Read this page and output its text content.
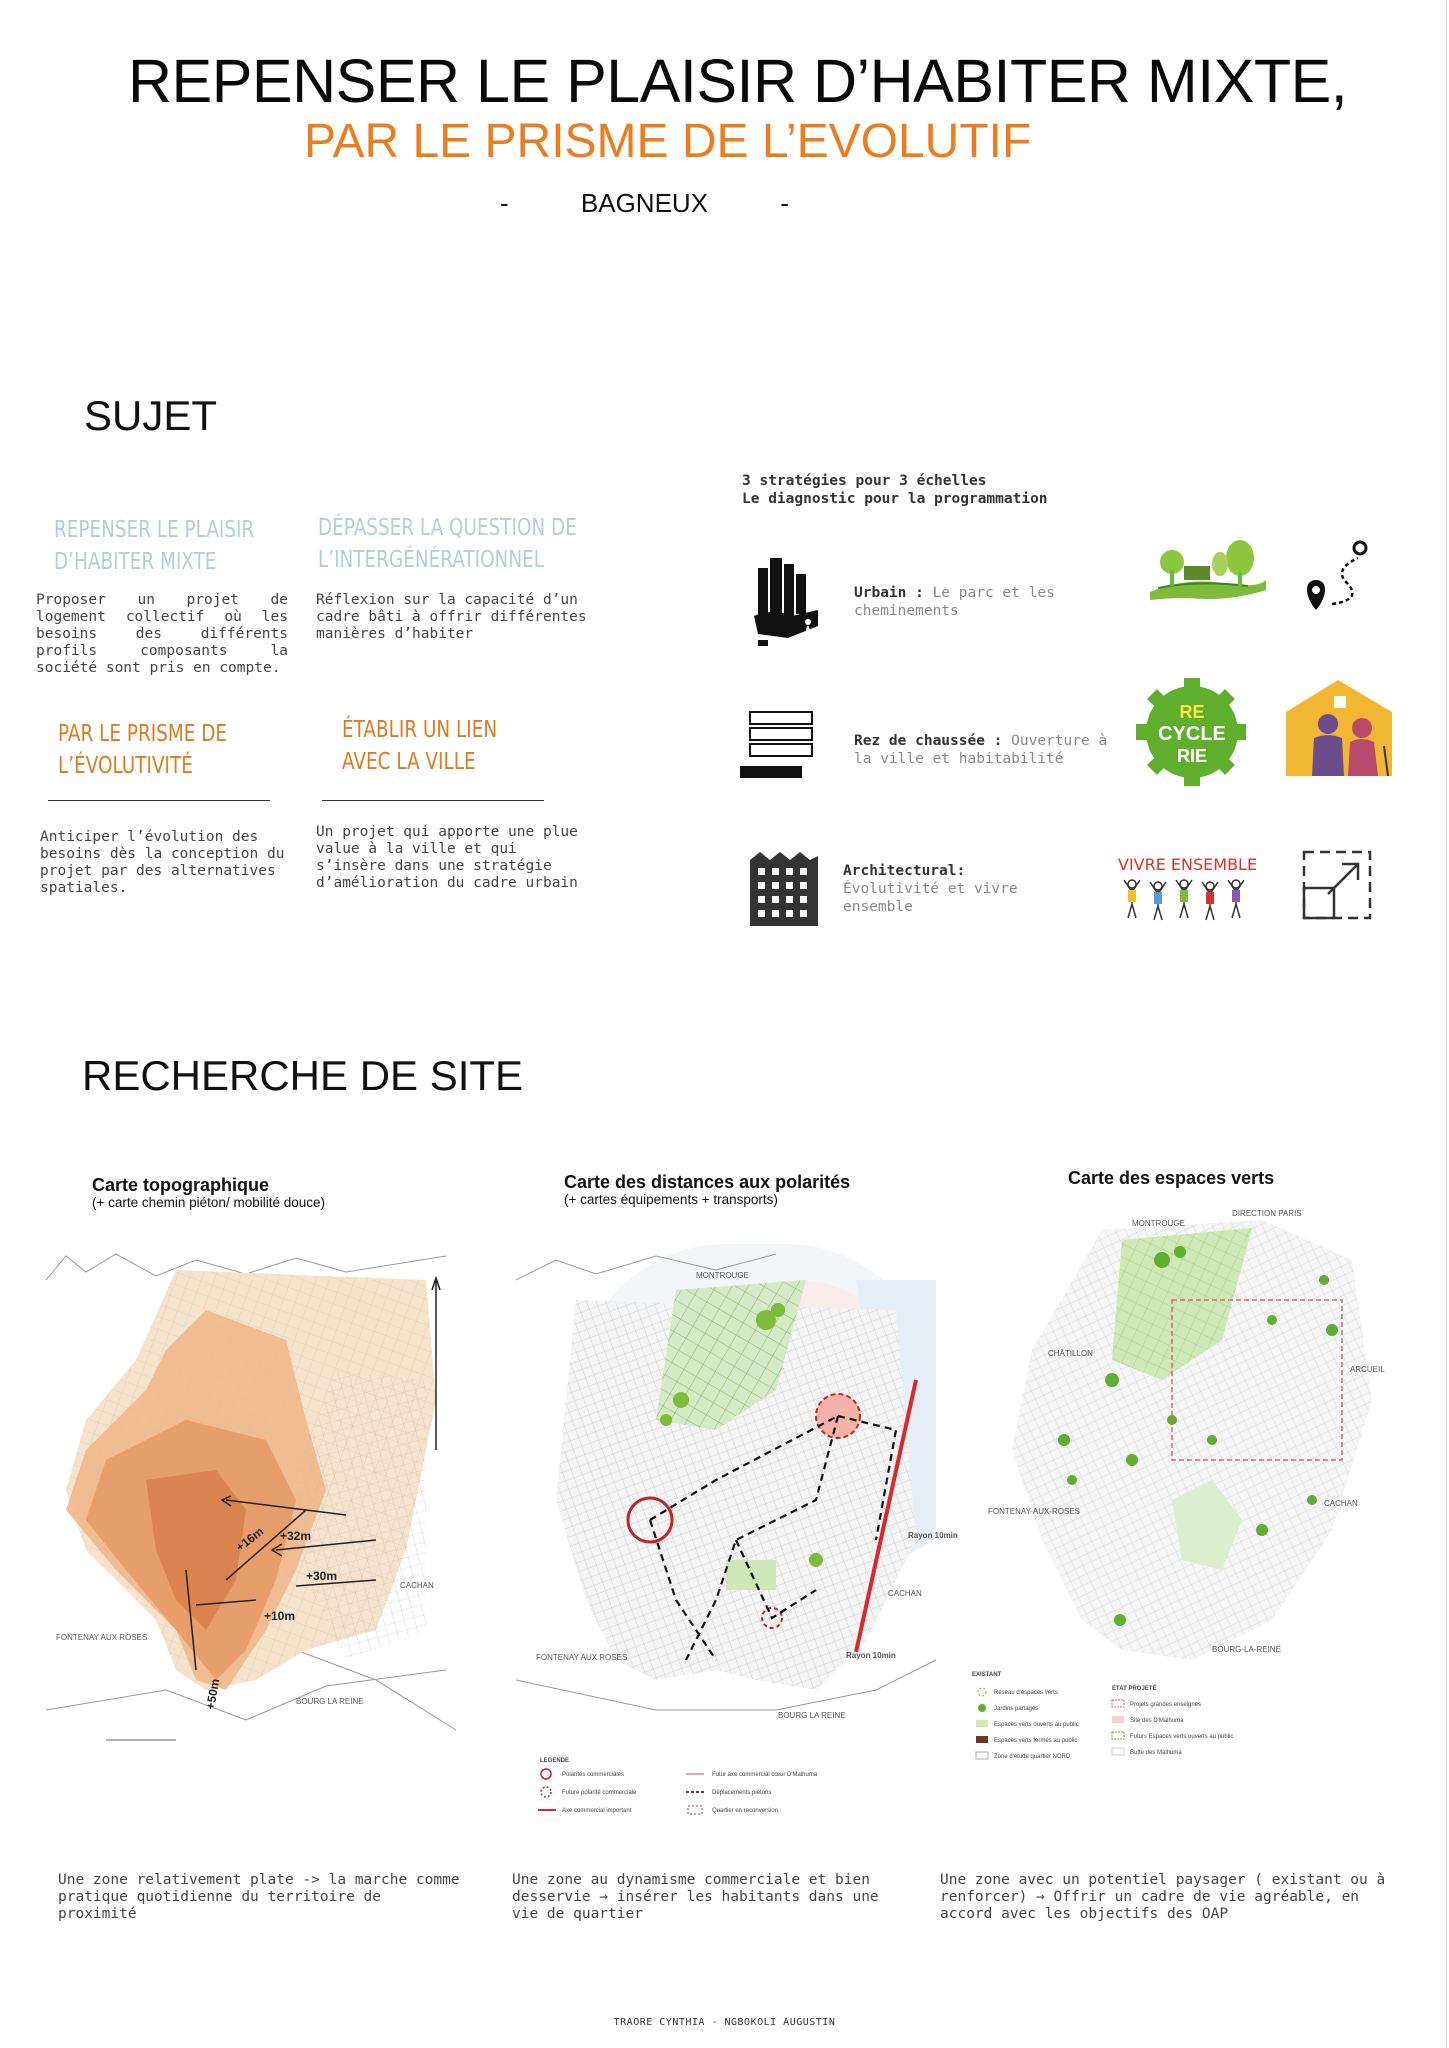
REPENSER LE PLAISIR D’HABITER MIXTE,
PAR LE PRISME DE L’EVOLUTIF
-          BAGNEUX          -
SUJET
REPENSER LE PLAISIR
D’HABITER MIXTE
Proposer un projet de logement collectif où les besoins des différents profils composants la société sont pris en compte.
DÉPASSER LA QUESTION DE
L’INTERGÉNÉRATIONNEL
Réflexion sur la capacité d’un cadre bâti à offrir différentes manières d’habiter
PAR LE PRISME DE
L’ÉVOLUTIVITÉ
Anticiper l’évolution des besoins dès la conception du projet par des alternatives spatiales.
ÉTABLIR UN LIEN
AVEC LA VILLE
Un projet qui apporte une plue value à la ville et qui s’insère dans une stratégie d’amélioration du cadre urbain
3 stratégies pour 3 échelles
Le diagnostic pour la programmation
Urbain : Le parc et les cheminements
Rez de chaussée : Ouverture à la ville et habitabilité
RE
CYCLE
RIE
Architectural:
Évolutivité et vivre ensemble
VIVRE ENSEMBLE
RECHERCHE DE SITE
Carte topographique
(+ carte chemin piéton/ mobilité douce)
+16m +32m
+30m
+10m
+50m
FONTENAY AUX ROSES
CACHAN
BOURG LA REINE
Une zone relativement plate -> la marche comme pratique quotidienne du territoire de proximité
Carte des distances aux polarités
(+ cartes équipements + transports)
MONTROUGE
FONTENAY AUX ROSES
CACHAN
BOURG LA REINE
Rayon 10min
Rayon 10min
LEGENDE
Polarités commerciales
Future polarité commerciale
Axe commercial important
Futur axe commercial cœur D'Malhuma
Déplacements piétons
Quartier en reconversion
Une zone au dynamisme commerciale et bien desservie → insérer les habitants dans une vie de quartier
Carte des espaces verts
MONTROUGE
DIRECTION PARIS
CHÂTILLON
ARCUEIL
FONTENAY-AUX-ROSES
CACHAN
BOURG-LA-REINE
EXISTANT
Réseau d'espaces verts
Jardins partagés
Espaces verts ouverts au public
Espaces verts fermés au public
Zone d'étude quartier NORD
ÉTAT PROJETÉ
Projets grandes enseignes
Site des D'Malhuma
Futurs Espaces verts ouverts au public
Butte des Malhuma
Une zone avec un potentiel paysager ( existant ou à renforcer) → Offrir un cadre de vie agréable, en accord avec les objectifs des OAP
TRAORE CYNTHIA - NGBOKOLI AUGUSTIN
